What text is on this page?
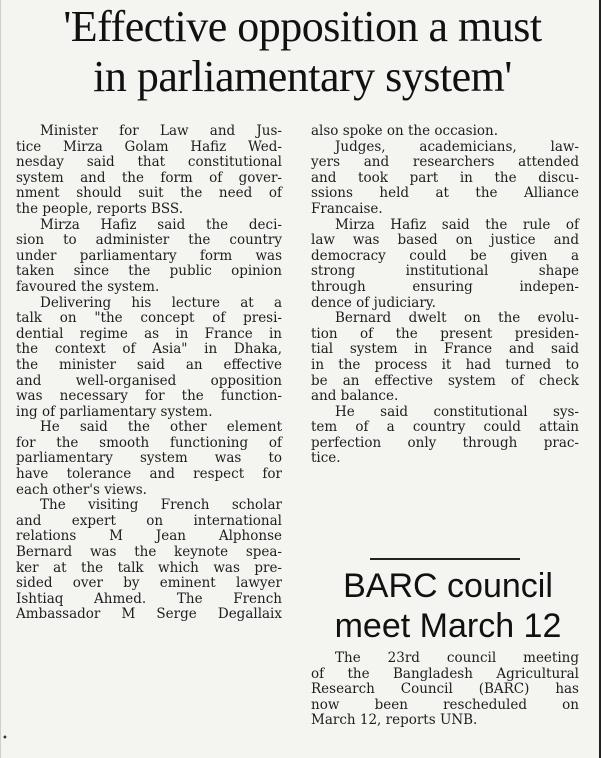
'Effective opposition a must
in parliamentary system'
Minister for Law and Jus-
tice Mirza Golam Hafiz Wed-
nesday said that constitutional
system and the form of gover-
nment should suit the need of
the people, reports BSS.
Mirza Hafiz said the deci-
sion to administer the country
under parliamentary form was
taken since the public opinion
favoured the system.
Delivering his lecture at a
talk on "the concept of presi-
dential regime as in France in
the context of Asia" in Dhaka,
the minister said an effective
and well-organised opposition
was necessary for the function-
ing of parliamentary system.
He said the other element
for the smooth functioning of
parliamentary system was to
have tolerance and respect for
each other's views.
The visiting French scholar
and expert on international
relations M Jean Alphonse
Bernard was the keynote spea-
ker at the talk which was pre-
sided over by eminent lawyer
Ishtiaq Ahmed. The French
Ambassador M Serge Degallaix
also spoke on the occasion.
Judges, academicians, law-
yers and researchers attended
and took part in the discu-
ssions held at the Alliance
Francaise.
Mirza Hafiz said the rule of
law was based on justice and
democracy could be given a
strong institutional shape
through ensuring indepen-
dence of judiciary.
Bernard dwelt on the evolu-
tion of the present presiden-
tial system in France and said
in the process it had turned to
be an effective system of check
and balance.
He said constitutional sys-
tem of a country could attain
perfection only through prac-
tice.
BARC council
meet March 12
The 23rd council meeting
of the Bangladesh Agricultural
Research Council (BARC) has
now been rescheduled on
March 12, reports UNB.
•
